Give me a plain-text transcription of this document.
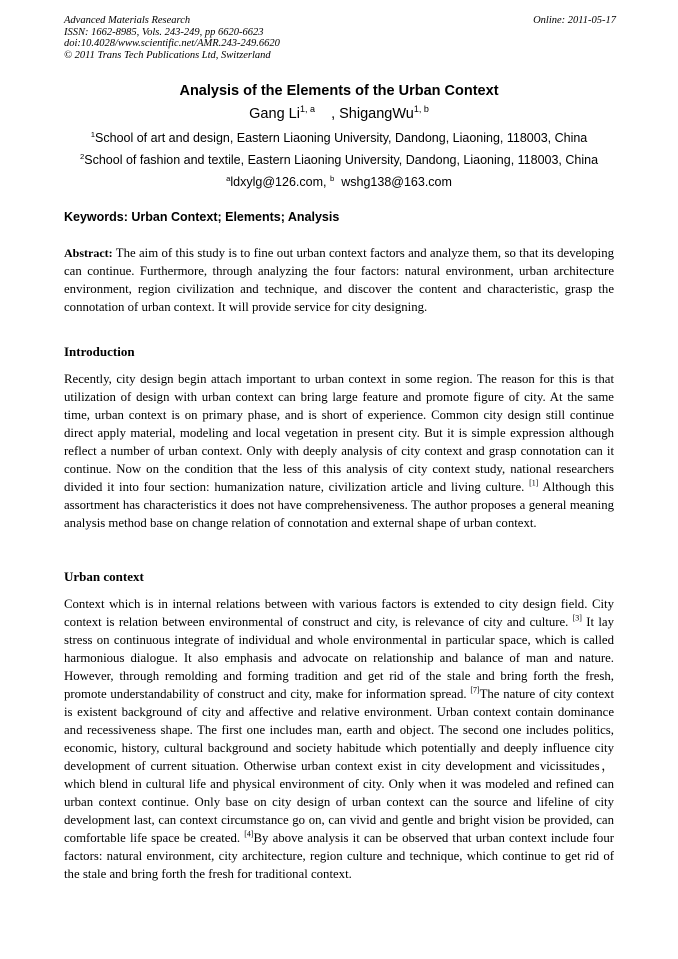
Advanced Materials Research
ISSN: 1662-8985, Vols. 243-249, pp 6620-6623
doi:10.4028/www.scientific.net/AMR.243-249.6620
© 2011 Trans Tech Publications Ltd, Switzerland
Online: 2011-05-17
Analysis of the Elements of the Urban Context
Gang Li$^{1, a}$ , ShigangWu$^{1, b}$
$^1$School of art and design, Eastern Liaoning University, Dandong, Liaoning, 118003, China
$^2$School of fashion and textile, Eastern Liaoning University, Dandong, Liaoning, 118003, China
$^a$ldxylg@126.com, $^b$ wshg138@163.com
Keywords: Urban Context; Elements; Analysis
Abstract: The aim of this study is to fine out urban context factors and analyze them, so that its developing can continue. Furthermore, through analyzing the four factors: natural environment, urban architecture environment, region civilization and technique, and discover the content and characteristic, grasp the connotation of urban context. It will provide service for city designing.
Introduction
Recently, city design begin attach important to urban context in some region. The reason for this is that utilization of design with urban context can bring large feature and promote figure of city. At the same time, urban context is on primary phase, and is short of experience. Common city design still continue direct apply material, modeling and local vegetation in present city. But it is simple expression although reflect a number of urban context. Only with deeply analysis of city context and grasp connotation can it continue. Now on the condition that the less of this analysis of city context study, national researchers divided it into four section: humanization nature, civilization article and living culture. [1] Although this assortment has characteristics it does not have comprehensiveness. The author proposes a general meaning analysis method base on change relation of connotation and external shape of urban context.
Urban context
Context which is in internal relations between with various factors is extended to city design field. City context is relation between environmental of construct and city, is relevance of city and culture. [3] It lay stress on continuous integrate of individual and whole environmental in particular space, which is called harmonious dialogue. It also emphasis and advocate on relationship and balance of man and nature. However, through remolding and forming tradition and get rid of the stale and bring forth the fresh, promote understandability of construct and city, make for information spread. [7]The nature of city context is existent background of city and affective and relative environment. Urban context contain dominance and recessiveness shape. The first one includes man, earth and object. The second one includes politics, economic, history, cultural background and society habitude which potentially and deeply influence city development of current situation. Otherwise urban context exist in city development and vicissitudes，which blend in cultural life and physical environment of city. Only when it was modeled and refined can urban context continue. Only base on city design of urban context can the source and lifeline of city development last, can context circumstance go on, can vivid and gentle and bright vision be provided, can comfortable life space be created. [4]By above analysis it can be observed that urban context include four factors: natural environment, city architecture, region culture and technique, which continue to get rid of the stale and bring forth the fresh for traditional context.
